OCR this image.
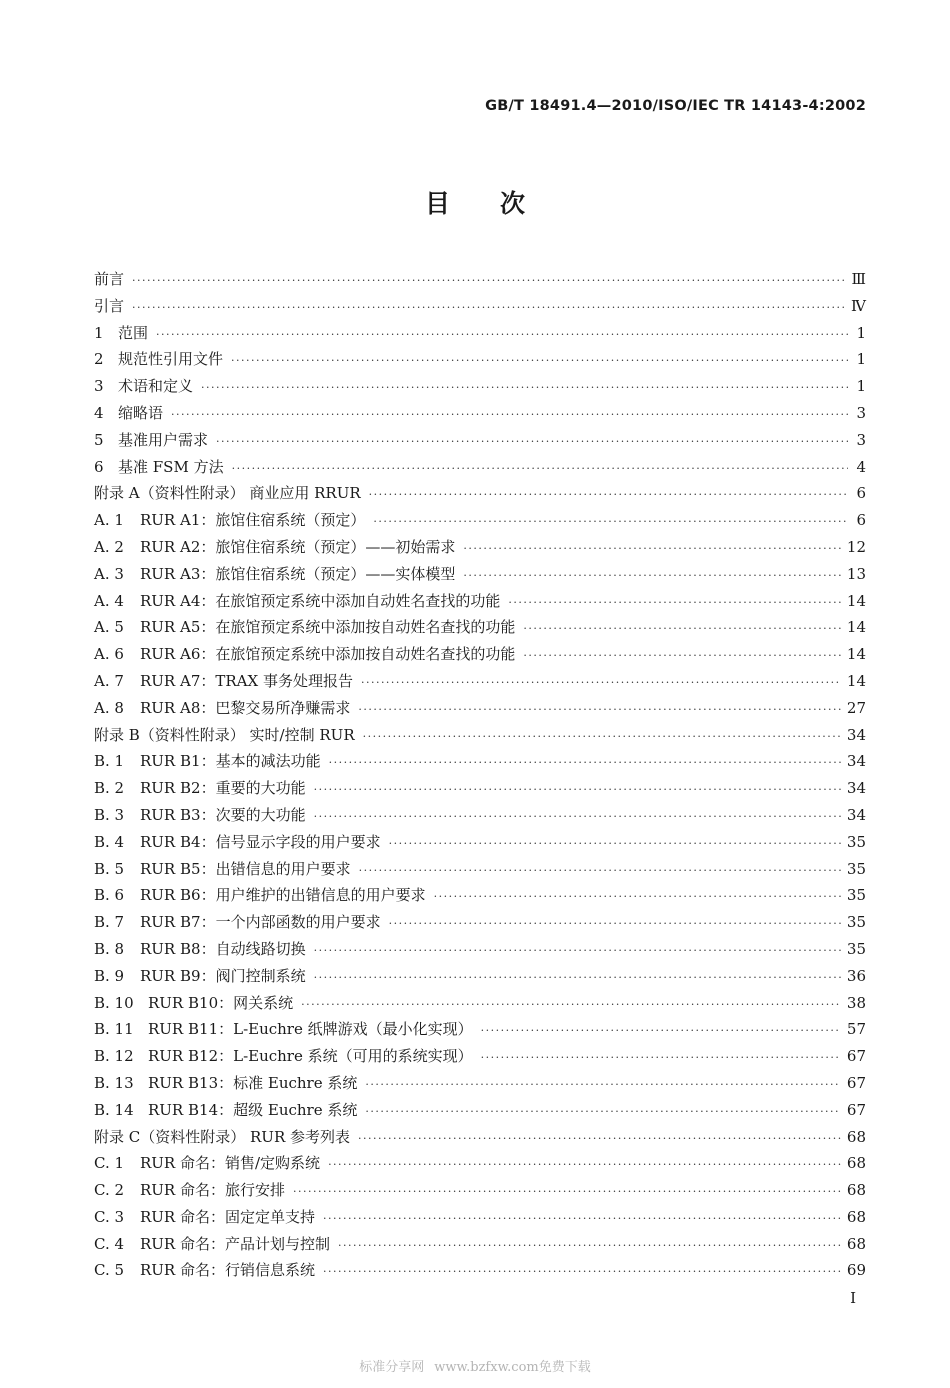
GB/T 18491.4—2010/ISO/IEC TR 14143-4:2002
目 次
前言 ·····	Ⅲ
引言 ·····	Ⅳ
1 范围 ·····	1
2 规范性引用文件 ·····	1
3 术语和定义 ·····	1
4 缩略语 ·····	3
5 基准用户需求 ·····	3
6 基准 FSM 方法 ·····	4
附录 A（资料性附录） 商业应用 RRUR ·····	6
A. 1	RUR A1：旅馆住宿系统（预定） ·····	6
A. 2	RUR A2：旅馆住宿系统（预定）——初始需求 ·····	12
A. 3	RUR A3：旅馆住宿系统（预定）——实体模型 ·····	13
A. 4	RUR A4：在旅馆预定系统中添加自动姓名查找的功能 ·····	14
A. 5	RUR A5：在旅馆预定系统中添加按自动姓名查找的功能 ·····	14
A. 6	RUR A6：在旅馆预定系统中添加按自动姓名查找的功能 ·····	14
A. 7	RUR A7：TRAX 事务处理报告 ·····	14
A. 8	RUR A8：巴黎交易所净赚需求 ·····	27
附录 B（资料性附录） 实时/控制 RUR ·····	34
B. 1	RUR B1：基本的减法功能 ·····	34
B. 2	RUR B2：重要的大功能 ·····	34
B. 3	RUR B3：次要的大功能 ·····	34
B. 4	RUR B4：信号显示字段的用户要求 ·····	35
B. 5	RUR B5：出错信息的用户要求 ·····	35
B. 6	RUR B6：用户维护的出错信息的用户要求 ·····	35
B. 7	RUR B7：一个内部函数的用户要求 ·····	35
B. 8	RUR B8：自动线路切换 ·····	35
B. 9	RUR B9：阀门控制系统 ·····	36
B. 10 RUR B10：网关系统 ·····	38
B. 11 RUR B11：L-Euchre 纸牌游戏（最小化实现） ·····	57
B. 12 RUR B12：L-Euchre 系统（可用的系统实现） ·····	67
B. 13 RUR B13：标准 Euchre 系统 ·····	67
B. 14 RUR B14：超级 Euchre 系统 ·····	67
附录 C（资料性附录） RUR 参考列表 ·····	68
C. 1	RUR 命名：销售/定购系统 ·····	68
C. 2	RUR 命名：旅行安排 ·····	68
C. 3	RUR 命名：固定定单支持 ·····	68
C. 4	RUR 命名：产品计划与控制 ·····	68
C. 5	RUR 命名：行销信息系统 ·····	69
I
标准分享网 www.bzfxw.com免费下载
